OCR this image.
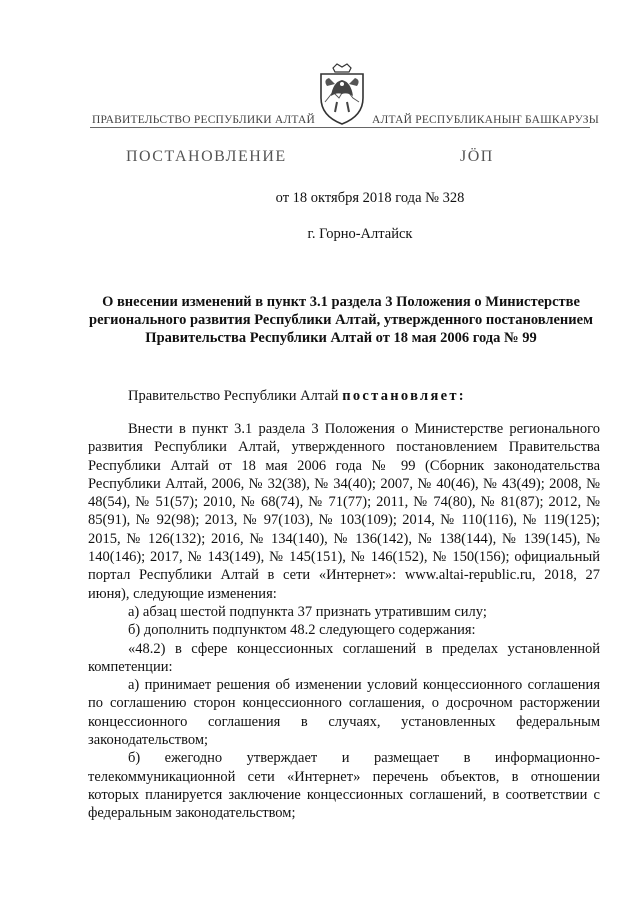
ПРАВИТЕЛЬСТВО РЕСПУБЛИКИ АЛТАЙ	АЛТАЙ РЕСПУБЛИКАНЫҤ БАШКАРУЗЫ
ПОСТАНОВЛЕНИЕ	ЈÖП
от 18 октября 2018 года № 328
г. Горно-Алтайск
О внесении изменений в пункт 3.1 раздела 3 Положения о Министерстве регионального развития Республики Алтай, утвержденного постановлением Правительства Республики Алтай от 18 мая 2006 года № 99
Правительство Республики Алтай постановляет:

Внести в пункт 3.1 раздела 3 Положения о Министерстве регионального развития Республики Алтай, утвержденного постановлением Правительства Республики Алтай от 18 мая 2006 года № 99 (Сборник законодательства Республики Алтай, 2006, № 32(38), № 34(40); 2007, № 40(46), № 43(49); 2008, № 48(54), № 51(57); 2010, № 68(74), № 71(77); 2011, № 74(80), № 81(87); 2012, № 85(91), № 92(98); 2013, № 97(103), № 103(109); 2014, № 110(116), № 119(125); 2015, № 126(132); 2016, № 134(140), № 136(142), № 138(144), № 139(145), № 140(146); 2017, № 143(149), № 145(151), № 146(152), № 150(156); официальный портал Республики Алтай в сети «Интернет»: www.altai-republic.ru, 2018, 27 июня), следующие изменения:

а) абзац шестой подпункта 37 признать утратившим силу;

б) дополнить подпунктом 48.2 следующего содержания:

«48.2) в сфере концессионных соглашений в пределах установленной компетенции:

а) принимает решения об изменении условий концессионного соглашения по соглашению сторон концессионного соглашения, о досрочном расторжении концессионного соглашения в случаях, установленных федеральным законодательством;

б) ежегодно утверждает и размещает в информационно-телекоммуникационной сети «Интернет» перечень объектов, в отношении которых планируется заключение концессионных соглашений, в соответствии с федеральным законодательством;
